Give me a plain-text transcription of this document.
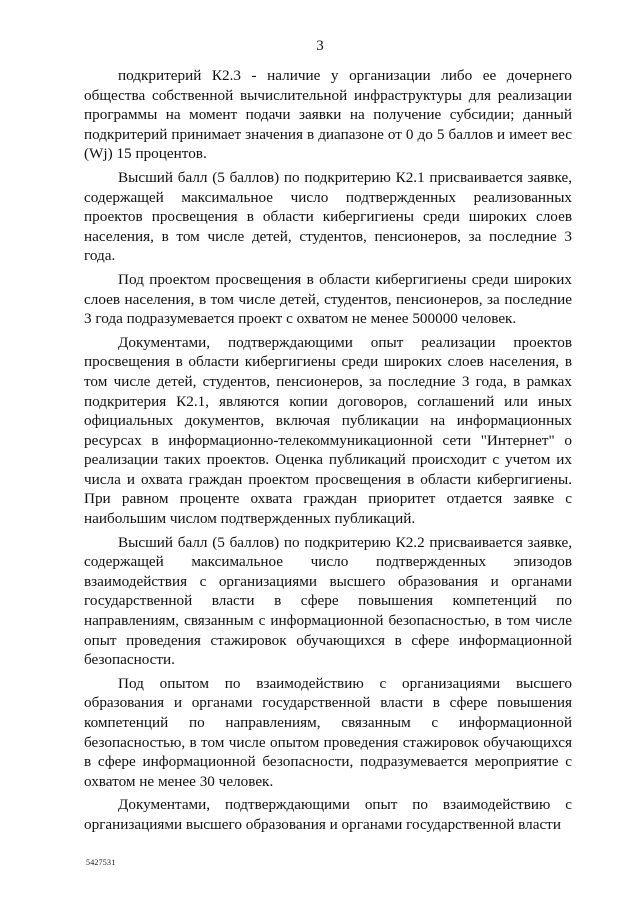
3

подкритерий К2.3 - наличие у организации либо ее дочернего общества собственной вычислительной инфраструктуры для реализации программы на момент подачи заявки на получение субсидии; данный подкритерий принимает значения в диапазоне от 0 до 5 баллов и имеет вес (Wj) 15 процентов.

Высший балл (5 баллов) по подкритерию К2.1 присваивается заявке, содержащей максимальное число подтвержденных реализованных проектов просвещения в области кибергигиены среди широких слоев населения, в том числе детей, студентов, пенсионеров, за последние 3 года.

Под проектом просвещения в области кибергигиены среди широких слоев населения, в том числе детей, студентов, пенсионеров, за последние 3 года подразумевается проект с охватом не менее 500000 человек.

Документами, подтверждающими опыт реализации проектов просвещения в области кибергигиены среди широких слоев населения, в том числе детей, студентов, пенсионеров, за последние 3 года, в рамках подкритерия К2.1, являются копии договоров, соглашений или иных официальных документов, включая публикации на информационных ресурсах в информационно-телекоммуникационной сети "Интернет" о реализации таких проектов. Оценка публикаций происходит с учетом их числа и охвата граждан проектом просвещения в области кибергигиены. При равном проценте охвата граждан приоритет отдается заявке с наибольшим числом подтвержденных публикаций.

Высший балл (5 баллов) по подкритерию К2.2 присваивается заявке, содержащей максимальное число подтвержденных эпизодов взаимодействия с организациями высшего образования и органами государственной власти в сфере повышения компетенций по направлениям, связанным с информационной безопасностью, в том числе опыт проведения стажировок обучающихся в сфере информационной безопасности.

Под опытом по взаимодействию с организациями высшего образования и органами государственной власти в сфере повышения компетенций по направлениям, связанным с информационной безопасностью, в том числе опытом проведения стажировок обучающихся в сфере информационной безопасности, подразумевается мероприятие с охватом не менее 30 человек.

Документами, подтверждающими опыт по взаимодействию с организациями высшего образования и органами государственной власти

5427531
